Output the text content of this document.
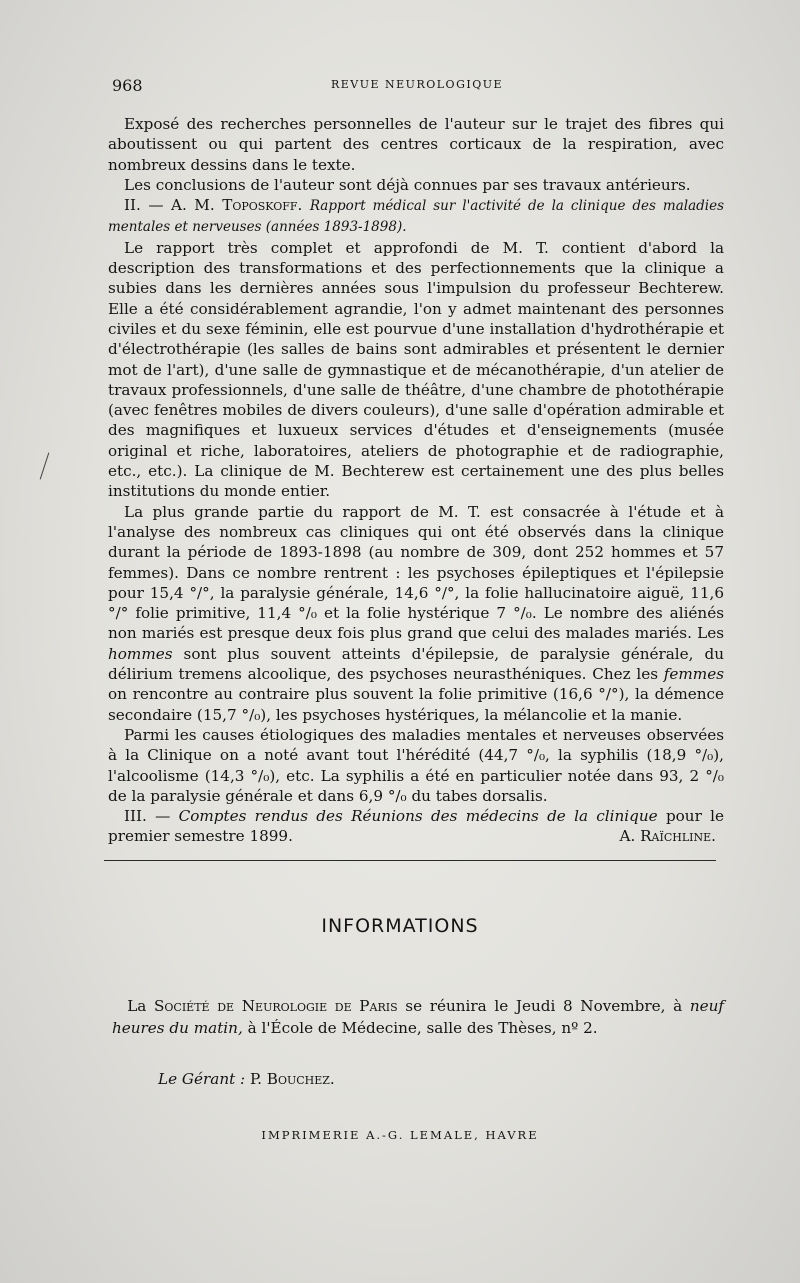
968	REVUE NEUROLOGIQUE

Exposé des recherches personnelles de l'auteur sur le trajet des fibres qui aboutissent ou qui partent des centres corticaux de la respiration, avec nombreux dessins dans le texte.

Les conclusions de l'auteur sont déjà connues par ses travaux antérieurs.

II. — A. M. Toposkoff. Rapport médical sur l'activité de la clinique des maladies mentales et nerveuses (années 1893-1898).

Le rapport très complet et approfondi de M. T. contient d'abord la description des transformations et des perfectionnements que la clinique a subies dans les dernières années sous l'impulsion du professeur Bechterew. Elle a été considérablement agrandie, l'on y admet maintenant des personnes civiles et du sexe féminin, elle est pourvue d'une installation d'hydrothérapie et d'électrothérapie (les salles de bains sont admirables et présentent le dernier mot de l'art), d'une salle de gymnastique et de mécanothérapie, d'un atelier de travaux professionnels, d'une salle de théâtre, d'une chambre de photothérapie (avec fenêtres mobiles de divers couleurs), d'une salle d'opération admirable et des magnifiques et luxueux services d'études et d'enseignements (musée original et riche, laboratoires, ateliers de photographie et de radiographie, etc., etc.). La clinique de M. Bechterew est certainement une des plus belles institutions du monde entier.

La plus grande partie du rapport de M. T. est consacrée à l'étude et à l'analyse des nombreux cas cliniques qui ont été observés dans la clinique durant la période de 1893-1898 (au nombre de 309, dont 252 hommes et 57 femmes). Dans ce nombre rentrent : les psychoses épileptiques et l'épilepsie pour 15,4 °/°, la paralysie générale, 14,6 °/°, la folie hallucinatoire aiguë, 11,6 °/° folie primitive, 11,4 °/₀ et la folie hystérique 7 °/₀. Le nombre des aliénés non mariés est presque deux fois plus grand que celui des malades mariés. Les hommes sont plus souvent atteints d'épilepsie, de paralysie générale, du délirium tremens alcoolique, des psychoses neurasthéniques. Chez les femmes on rencontre au contraire plus souvent la folie primitive (16,6 °/°), la démence secondaire (15,7 °/₀), les psychoses hystériques, la mélancolie et la manie.

Parmi les causes étiologiques des maladies mentales et nerveuses observées à la Clinique on a noté avant tout l'hérédité (44,7 °/₀, la syphilis (18,9 °/₀), l'alcoolisme (14,3 °/₀), etc. La syphilis a été en particulier notée dans 93, 2 °/₀ de la paralysie générale et dans 6,9 °/₀ du tabes dorsalis.

III. — Comptes rendus des Réunions des médecins de la clinique pour le premier semestre 1899.	A. Raïchline.

INFORMATIONS

 La Société de Neurologie de Paris se réunira le Jeudi 8 Novembre, à neuf heures du matin, à l'École de Médecine, salle des Thèses, nº 2.

Le Gérant : P. Bouchez.
IMPRIMERIE A.-G. LEMALE, HAVRE
